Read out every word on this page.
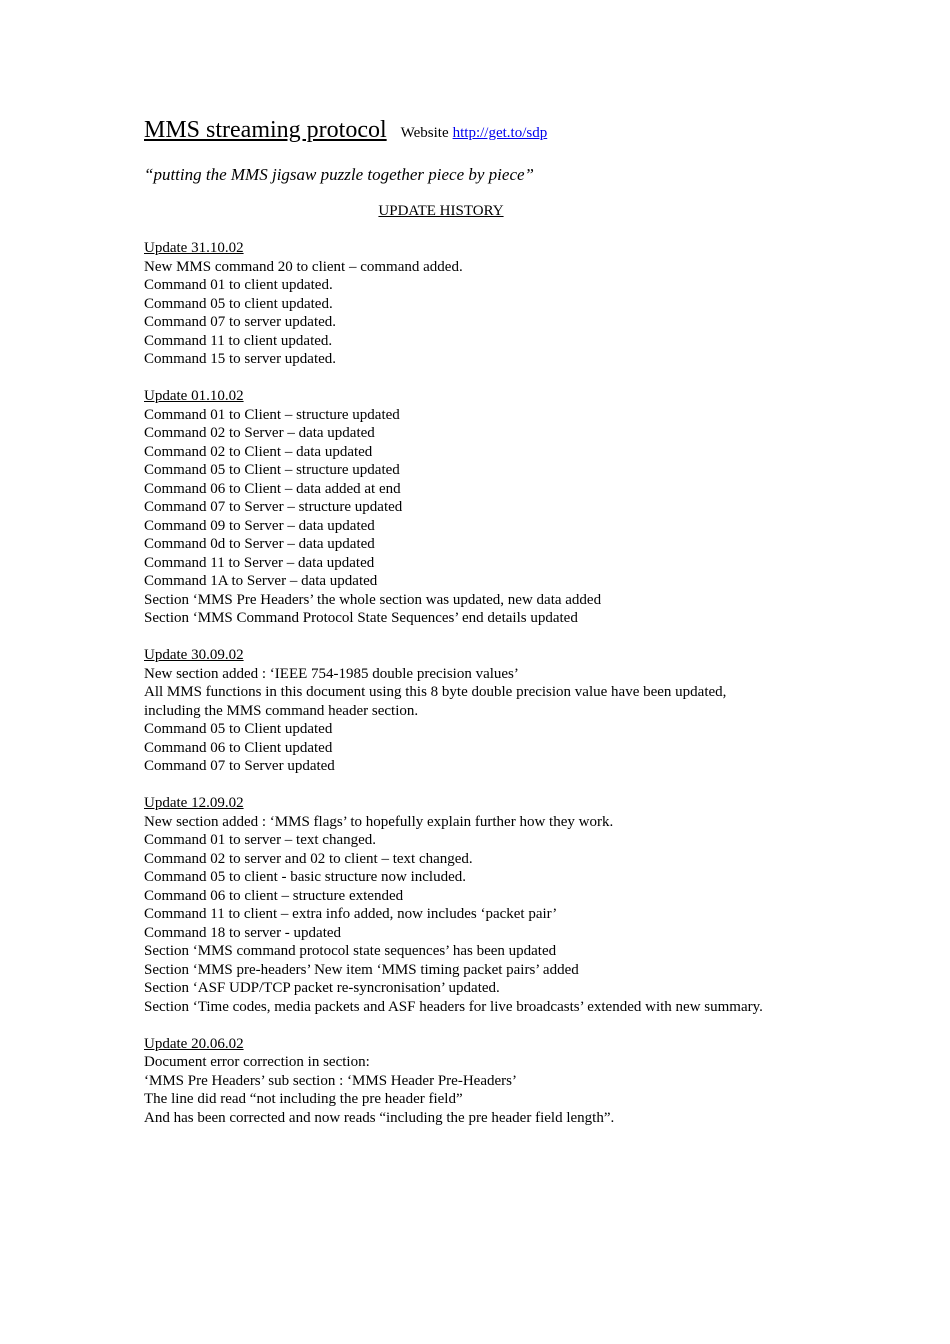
MMS streaming protocol Website http://get.to/sdp

“putting the MMS jigsaw puzzle together piece by piece”

UPDATE HISTORY

Update 31.10.02
New MMS command 20 to client – command added.
Command 01 to client updated.
Command 05 to client updated.
Command 07 to server updated.
Command 11 to client updated.
Command 15 to server updated.
Update 01.10.02
Command 01 to Client – structure updated
Command 02 to Server – data updated
Command 02 to Client – data updated
Command 05 to Client – structure updated
Command 06 to Client – data added at end
Command 07 to Server – structure updated
Command 09 to Server – data updated
Command 0d to Server – data updated
Command 11 to Server – data updated
Command 1A to Server – data updated
Section ‘MMS Pre Headers’ the whole section was updated, new data added
Section ‘MMS Command Protocol State Sequences’ end details updated
Update 30.09.02
New section added : ‘IEEE 754-1985 double precision values’
All MMS functions in this document using this 8 byte double precision value have been updated,
including the MMS command header section.
Command 05 to Client updated
Command 06 to Client updated
Command 07 to Server updated
Update 12.09.02
New section added : ‘MMS flags’ to hopefully explain further how they work.
Command 01 to server – text changed.
Command 02 to server and 02 to client – text changed.
Command 05 to client - basic structure now included.
Command 06 to client – structure extended
Command 11 to client – extra info added, now includes ‘packet pair’
Command 18 to server - updated
Section ‘MMS command protocol state sequences’ has been updated
Section ‘MMS pre-headers’ New item ‘MMS timing packet pairs’ added
Section ‘ASF UDP/TCP packet re-syncronisation’ updated.
Section ‘Time codes, media packets and ASF headers for live broadcasts’ extended with new summary.
Update 20.06.02
Document error correction in section:
‘MMS Pre Headers’ sub section : ‘MMS Header Pre-Headers’
The line did read “not including the pre header field”
And has been corrected and now reads “including the pre header field length”.
